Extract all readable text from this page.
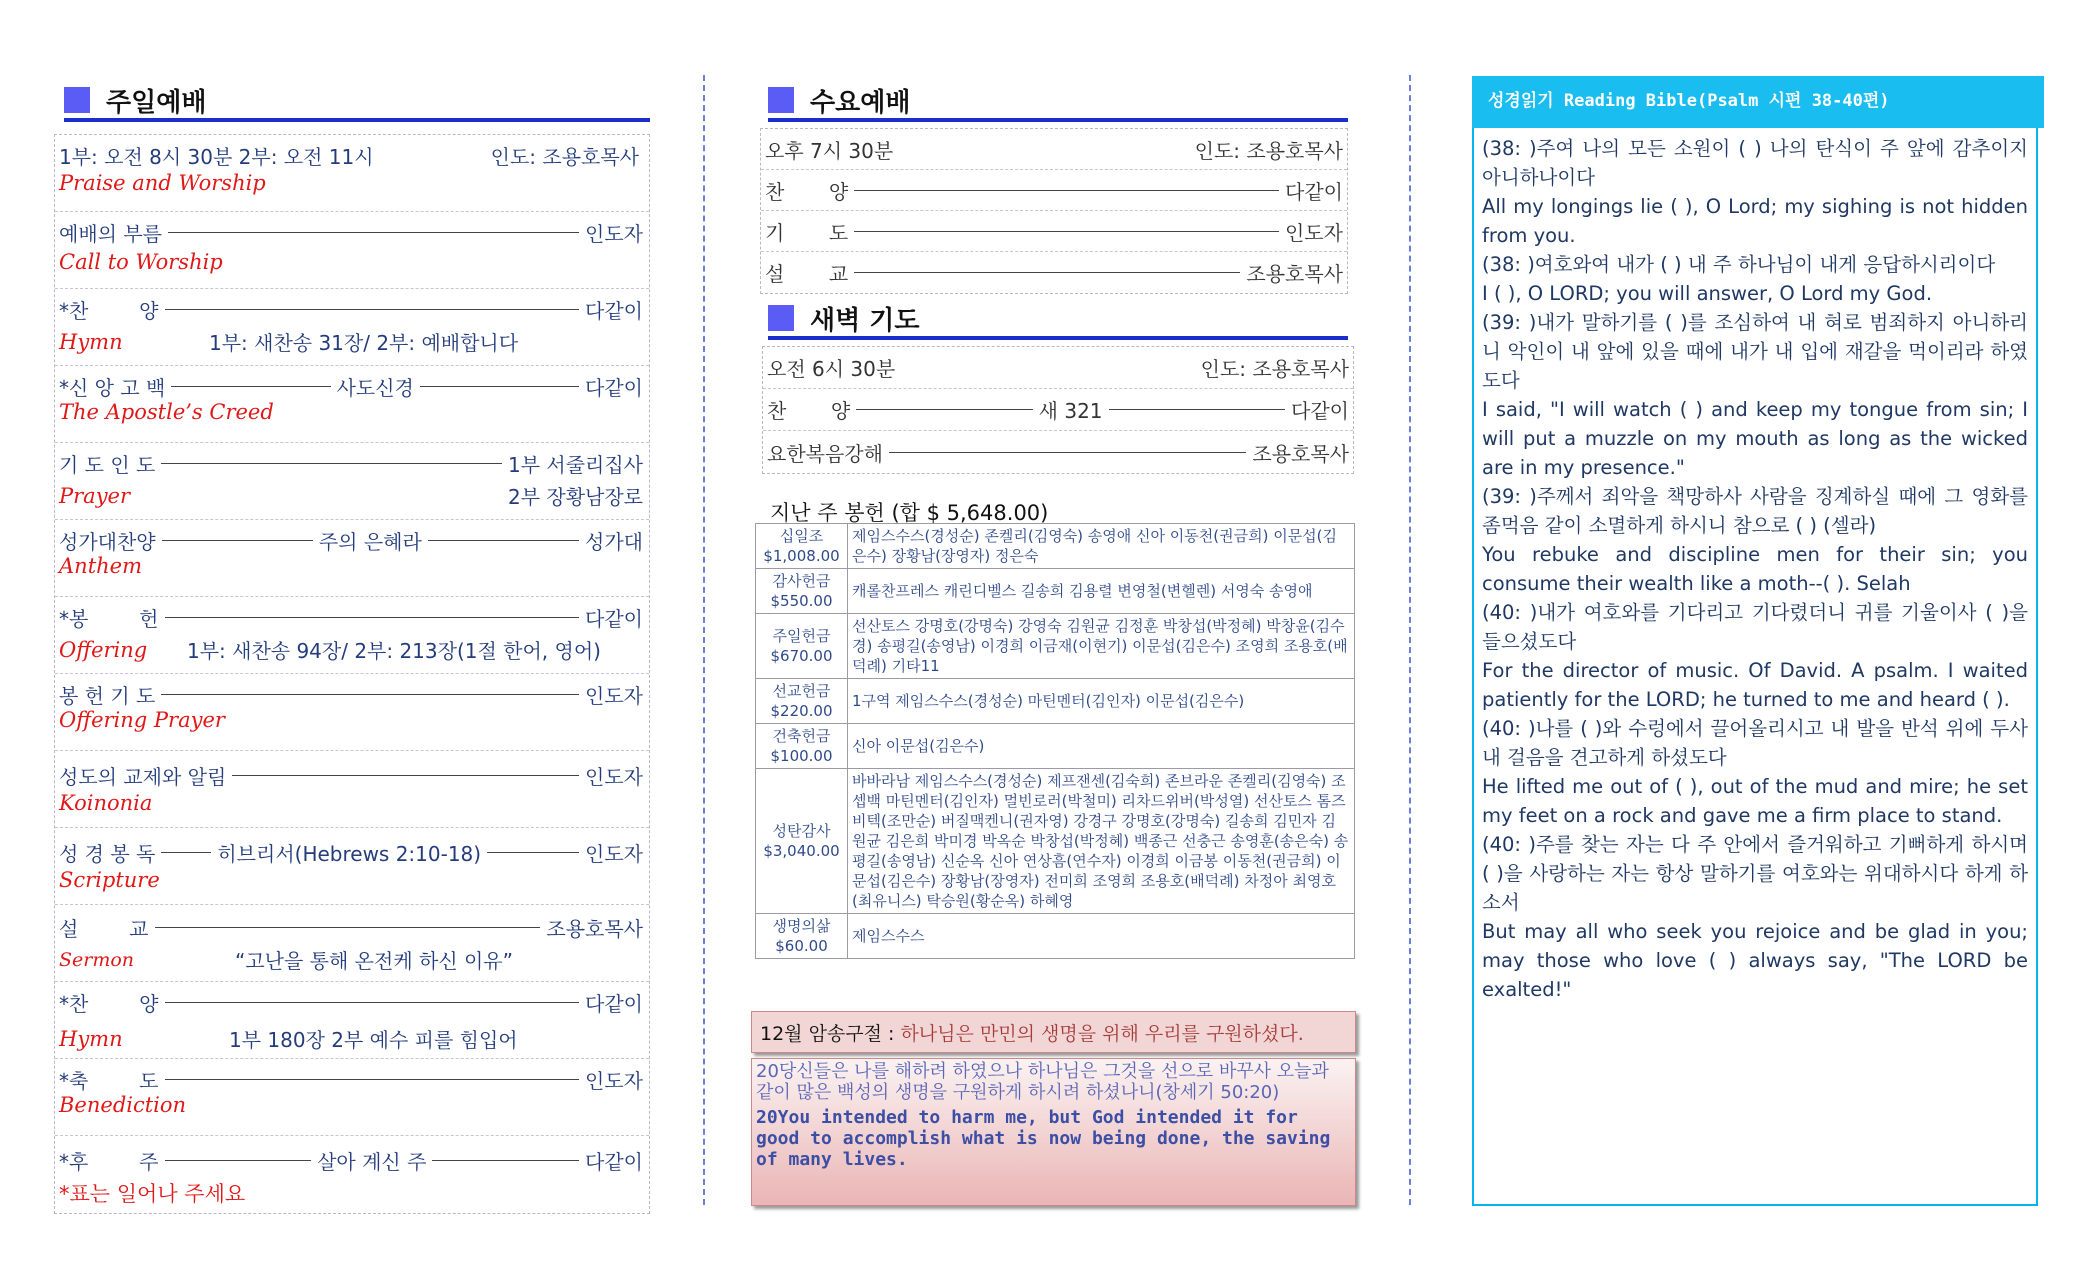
주일예배
1부: 오전 8시 30분 2부: 오전 11시	인도: 조용호목사
Praise and Worship
예배의 부름	인도자
Call to Worship
*찬        양	다같이
Hymn	1부: 새찬송 31장/ 2부: 예배합니다
*신 앙 고 백	사도신경	다같이
The Apostle’s Creed
기 도 인 도	1부 서줄리집사
Prayer	2부 장황남장로
성가대찬양	주의 은혜라	성가대
Anthem
*봉        헌	다같이
Offering	1부: 새찬송 94장/ 2부: 213장(1절 한어, 영어)
봉 헌 기 도	인도자
Offering Prayer
성도의 교제와 알림	인도자
Koinonia
성 경 봉 독	히브리서(Hebrews 2:10-18)	인도자
Scripture
설        교	조용호목사
Sermon	“고난을 통해 온전케 하신 이유”
*찬        양	다같이
Hymn	1부 180장 2부 예수 피를 힘입어
*축        도	인도자
Benediction
*후        주	살아 계신 주	다같이
*표는 일어나 주세요
수요예배
오후 7시 30분	인도: 조용호목사
찬       양	다같이
기       도	인도자
설       교	조용호목사
새벽 기도
오전 6시 30분	인도: 조용호목사
찬       양	새 321	다같이
요한복음강해	조용호목사
지난 주 봉헌 (합 $ 5,648.00)
십일조
$1,008.00	제임스수스(경성순) 존켈리(김영숙) 송영애 신아 이동천(권금희) 이문섭(김은수) 장황남(장영자) 정은숙

감사헌금
$550.00	캐롤찬프레스 캐린디벨스 길송희 김용렬 변영철(변헬렌) 서영숙 송영애

주일헌금
$670.00	선산토스 강명호(강명숙) 강영숙 김원균 김정훈 박창섭(박정혜) 박창윤(김수경) 송평길(송영남) 이경희 이금재(이현기) 이문섭(김은수) 조영희 조용호(배덕례) 기타11

선교헌금
$220.00	1구역 제임스수스(경성순) 마틴멘터(김인자) 이문섭(김은수)

건축헌금
$100.00	신아 이문섭(김은수)

성탄감사
$3,040.00	바바라남 제임스수스(경성순) 제프잰센(김숙희) 존브라운 존켈리(김영숙) 조셉백 마틴멘터(김인자) 멀빈로러(박철미) 리차드위버(박성열) 선산토스 톰즈비텍(조만순) 버질맥켄니(권자영) 강경구 강명호(강명숙) 길송희 김민자 김원균 김은희 박미경 박옥순 박창섭(박정혜) 백종근 선충근 송영훈(송은숙) 송평길(송영남) 신순옥 신아 연상흠(연수자) 이경희 이금봉 이동천(권금희) 이문섭(김은수) 장황남(장영자) 전미희 조영희 조용호(배덕례) 차정아 최영호(최유니스) 탁승원(황순옥) 하혜영

생명의삶
$60.00	제임스수스
12월 암송구절 : 하나님은 만민의 생명을 위해 우리를 구원하셨다.
20당신들은 나를 해하려 하였으나 하나님은 그것을 선으로 바꾸사 오늘과 같이 많은 백성의 생명을 구원하게 하시려 하셨나니(창세기 50:20)
20You intended to harm me, but God intended it for good to accomplish what is now being done, the saving of many lives.
성경읽기 Reading Bible(Psalm 시편 38-40편)

(38: )주여 나의 모든 소원이 ( ) 나의 탄식이 주 앞에 감추이지 아니하나이다

All my longings lie ( ), O Lord; my sighing is not hidden from you.

(38: )여호와여 내가 ( ) 내 주 하나님이 내게 응답하시리이다

I ( ), O LORD; you will answer, O Lord my God.

(39: )내가 말하기를 ( )를 조심하여 내 혀로 범죄하지 아니하리니 악인이 내 앞에 있을 때에 내가 내 입에 재갈을 먹이리라 하였도다

I said, "I will watch ( ) and keep my tongue from sin; I will put a muzzle on my mouth as long as the wicked are in my presence."

(39: )주께서 죄악을 책망하사 사람을 징계하실 때에 그 영화를 좀먹음 같이 소멸하게 하시니 참으로 ( ) (셀라)

You rebuke and discipline men for their sin; you consume their wealth like a moth--( ). Selah

(40: )내가 여호와를 기다리고 기다렸더니 귀를 기울이사 ( )을 들으셨도다

For the director of music. Of David. A psalm. I waited patiently for the LORD; he turned to me and heard ( ).

(40: )나를 ( )와 수렁에서 끌어올리시고 내 발을 반석 위에 두사 내 걸음을 견고하게 하셨도다

He lifted me out of ( ), out of the mud and mire; he set my feet on a rock and gave me a firm place to stand.

(40: )주를 찾는 자는 다 주 안에서 즐거워하고 기뻐하게 하시며 ( )을 사랑하는 자는 항상 말하기를 여호와는 위대하시다 하게 하소서

But may all who seek you rejoice and be glad in you; may those who love ( ) always say, "The LORD be exalted!"
